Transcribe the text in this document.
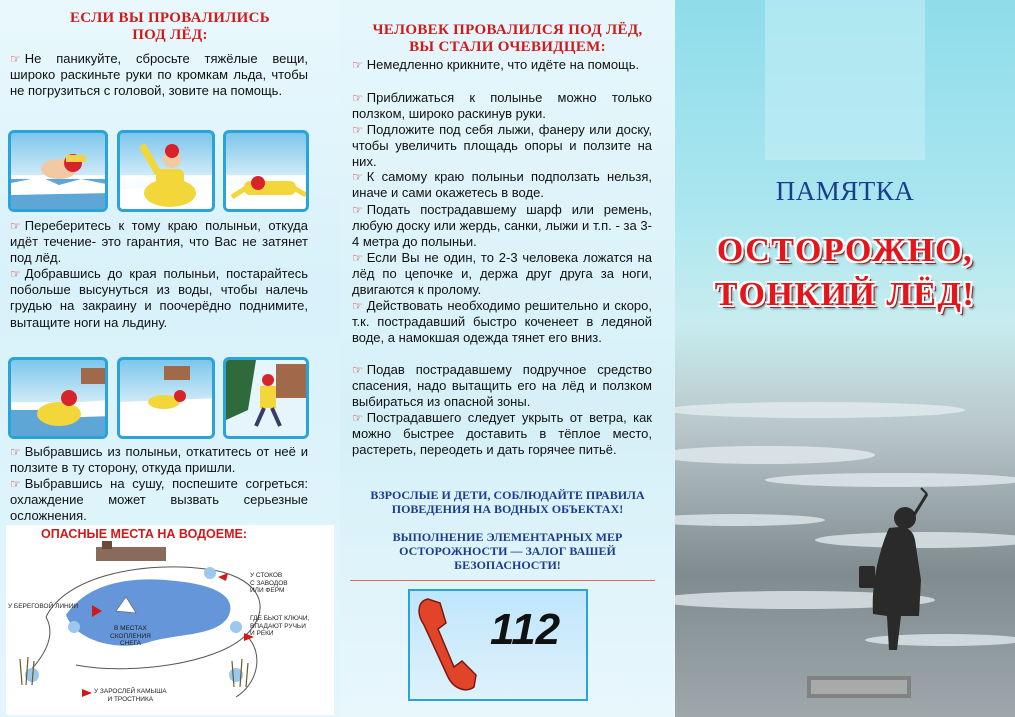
ЕСЛИ ВЫ ПРОВАЛИЛИСЬ
ПОД ЛЁД:
☞ Не паникуйте, сбросьте тяжёлые вещи, широко раскиньте руки по кромкам льда, чтобы не погрузиться с головой, зовите на помощь.
☞ Переберитесь к тому краю полыньи, откуда идёт течение- это гарантия, что Вас не затянет под лёд.
☞ Добравшись до края полыньи, постарайтесь побольше высунуться из воды, чтобы налечь грудью на закраину и поочерёдно поднимите, вытащите ноги на льдину.
☞ Выбравшись из полыньи, откатитесь от неё и ползите в ту сторону, откуда пришли.
☞ Выбравшись на сушу, поспешите согреться: охлаждение может вызвать серьезные осложнения.
ОПАСНЫЕ МЕСТА НА ВОДОЕМЕ:
У СТОКОВ
С ЗАВОДОВ
ИЛИ ФЕРМ
У БЕРЕГОВОЙ ЛИНИИ
ГДЕ БЬЮТ КЛЮЧИ,
ВПАДАЮТ РУЧЬИ
И РЕКИ
В МЕСТАХ
СКОПЛЕНИЯ
СНЕГА
У ЗАРОСЛЕЙ КАМЫША
И ТРОСТНИКА
ЧЕЛОВЕК ПРОВАЛИЛСЯ ПОД ЛЁД,
ВЫ СТАЛИ ОЧЕВИДЦЕМ:
☞ Немедленно крикните, что идёте на помощь.
☞ Приближаться к полынье можно только ползком, широко раскинув руки.
☞ Подложите под себя лыжи, фанеру или доску, чтобы увеличить площадь опоры и ползите на них.
☞ К самому краю полыньи подползать нельзя, иначе и сами окажетесь в воде.
☞ Подать пострадавшему шарф или ремень, любую доску или жердь, санки, лыжи и т.п. - за 3-4 метра до полыньи.
☞ Если Вы не один, то 2-3 человека ложатся на лёд по цепочке и, держа друг друга за ноги, двигаются к пролому.
☞ Действовать необходимо решительно и скоро, т.к. пострадавший быстро коченеет в ледяной воде, а намокшая одежда тянет его вниз.
☞ Подав пострадавшему подручное средство спасения, надо вытащить его на лёд и ползком выбираться из опасной зоны.
☞ Пострадавшего следует укрыть от ветра, как можно быстрее доставить в тёплое место, растереть, переодеть и дать горячее питьё.
ВЗРОСЛЫЕ И ДЕТИ, СОБЛЮДАЙТЕ ПРАВИЛА
ПОВЕДЕНИЯ НА ВОДНЫХ ОБЪЕКТАХ!
ВЫПОЛНЕНИЕ ЭЛЕМЕНТАРНЫХ МЕР
ОСТОРОЖНОСТИ — ЗАЛОГ ВАШЕЙ
БЕЗОПАСНОСТИ!
112
ПАМЯТКА
ОСТОРОЖНО,
ТОНКИЙ ЛЁД!
